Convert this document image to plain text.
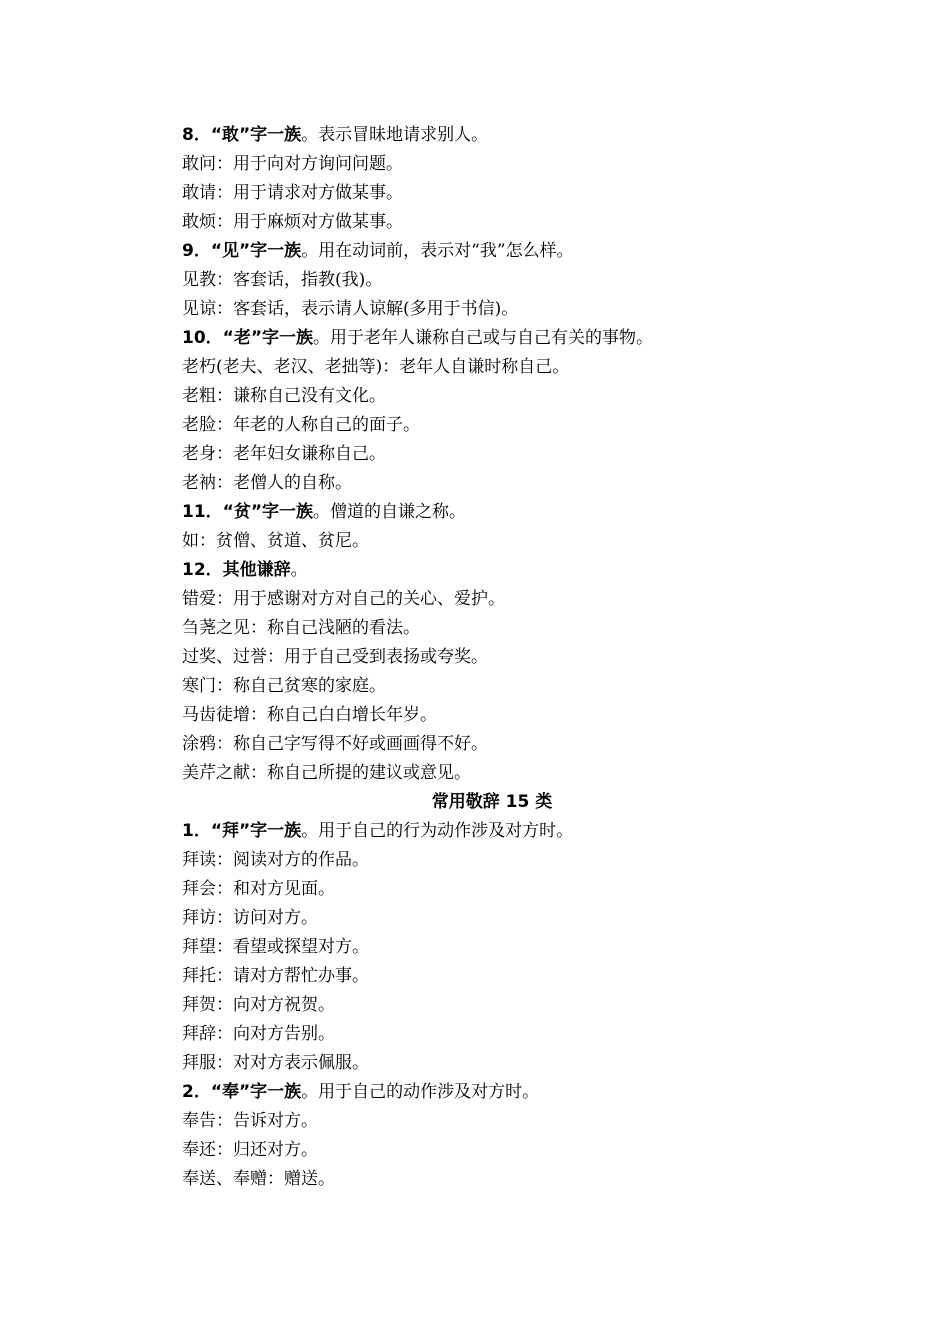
8．“敢”字一族。表示冒昧地请求别人。
敢问：用于向对方询问问题。
敢请：用于请求对方做某事。
敢烦：用于麻烦对方做某事。
9．“见”字一族。用在动词前，表示对“我”怎么样。
见教：客套话，指教(我)。
见谅：客套话，表示请人谅解(多用于书信)。
10．“老”字一族。用于老年人谦称自己或与自己有关的事物。
老朽(老夫、老汉、老拙等)：老年人自谦时称自己。
老粗：谦称自己没有文化。
老脸：年老的人称自己的面子。
老身：老年妇女谦称自己。
老衲：老僧人的自称。
11．“贫”字一族。僧道的自谦之称。
如：贫僧、贫道、贫尼。
12．其他谦辞。
错爱：用于感谢对方对自己的关心、爱护。
刍荛之见：称自己浅陋的看法。
过奖、过誉：用于自己受到表扬或夸奖。
寒门：称自己贫寒的家庭。
马齿徒增：称自己白白增长年岁。
涂鸦：称自己字写得不好或画画得不好。
美芹之献：称自己所提的建议或意见。
常用敬辞 15 类
1．“拜”字一族。用于自己的行为动作涉及对方时。
拜读：阅读对方的作品。
拜会：和对方见面。
拜访：访问对方。
拜望：看望或探望对方。
拜托：请对方帮忙办事。
拜贺：向对方祝贺。
拜辞：向对方告别。
拜服：对对方表示佩服。
2．“奉”字一族。用于自己的动作涉及对方时。
奉告：告诉对方。
奉还：归还对方。
奉送、奉赠：赠送。
